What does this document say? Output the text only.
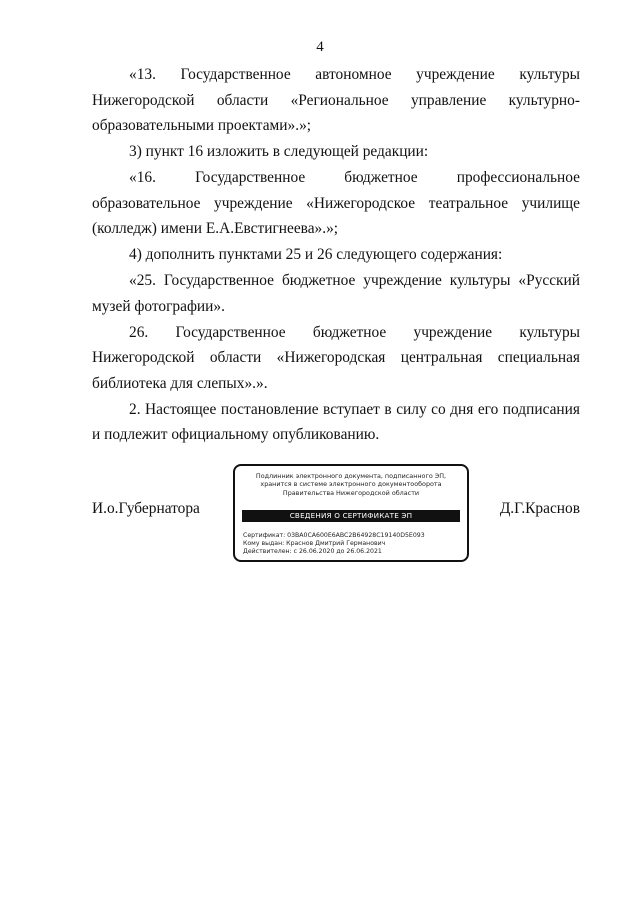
4

«13. Государственное автономное учреждение культуры Нижегородской области «Региональное управление культурно-образовательными проектами».»;

3) пункт 16 изложить в следующей редакции:

«16. Государственное бюджетное профессиональное образовательное учреждение «Нижегородское театральное училище (колледж) имени Е.А.Евстигнеева».»;

4) дополнить пунктами 25 и 26 следующего содержания:

«25. Государственное бюджетное учреждение культуры «Русский музей фотографии».

26. Государственное бюджетное учреждение культуры Нижегородской области «Нижегородская центральная специальная библиотека для слепых».».

2. Настоящее постановление вступает в силу со дня его подписания и подлежит официальному опубликованию.

И.о.Губернатора
Подлинник электронного документа, подписанного ЭП,
хранится в системе электронного документооборота
Правительства Нижегородской области
СВЕДЕНИЯ О СЕРТИФИКАТЕ ЭП
Сертификат: 03BA0CA600E6ABC2B64928C19140D5E093
Кому выдан: Краснов Дмитрий Германович
Действителен: с 26.06.2020 до 26.06.2021
Д.Г.Краснов
